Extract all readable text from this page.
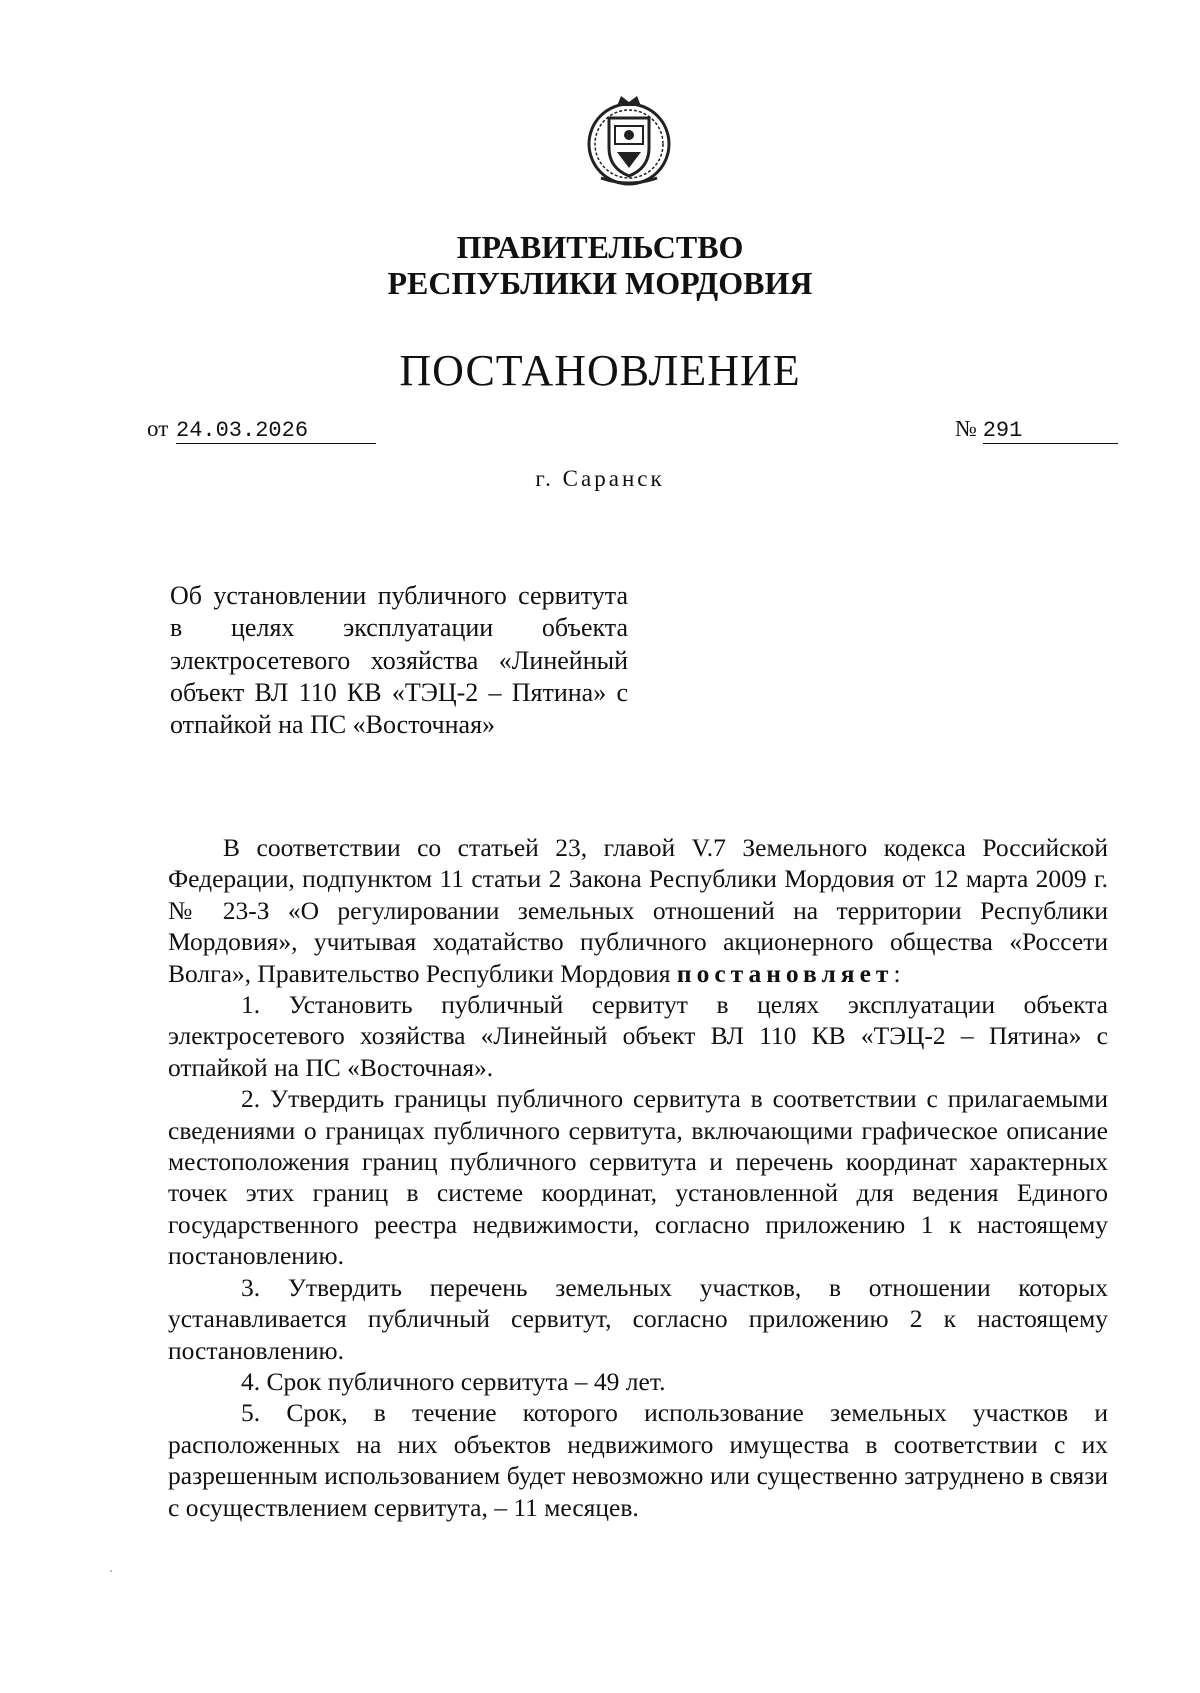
ПРАВИТЕЛЬСТВО
РЕСПУБЛИКИ МОРДОВИЯ
ПОСТАНОВЛЕНИЕ
от 24.03.2026	№ 291
г. Саранск
Об установлении публичного сервитута в целях эксплуатации объекта электросетевого хозяйства «Линейный объект ВЛ 110 КВ «ТЭЦ-2 – Пятина» с отпайкой на ПС «Восточная»

В соответствии со статьей 23, главой V.7 Земельного кодекса Российской Федерации, подпунктом 11 статьи 2 Закона Республики Мордовия от 12 марта 2009 г. № 23-З «О регулировании земельных отношений на территории Республики Мордовия», учитывая ходатайство публичного акционерного общества «Россети Волга», Правительство Республики Мордовия постановляет:

1. Установить публичный сервитут в целях эксплуатации объекта электросетевого хозяйства «Линейный объект ВЛ 110 КВ «ТЭЦ-2 – Пятина» с отпайкой на ПС «Восточная».

2. Утвердить границы публичного сервитута в соответствии с прилагаемыми сведениями о границах публичного сервитута, включающими графическое описание местоположения границ публичного сервитута и перечень координат характерных точек этих границ в системе координат, установленной для ведения Единого государственного реестра недвижимости, согласно приложению 1 к настоящему постановлению.

3. Утвердить перечень земельных участков, в отношении которых устанавливается публичный сервитут, согласно приложению 2 к настоящему постановлению.

4. Срок публичного сервитута – 49 лет.

5. Срок, в течение которого использование земельных участков и расположенных на них объектов недвижимого имущества в соответствии с их разрешенным использованием будет невозможно или существенно затруднено в связи с осуществлением сервитута, – 11 месяцев.
